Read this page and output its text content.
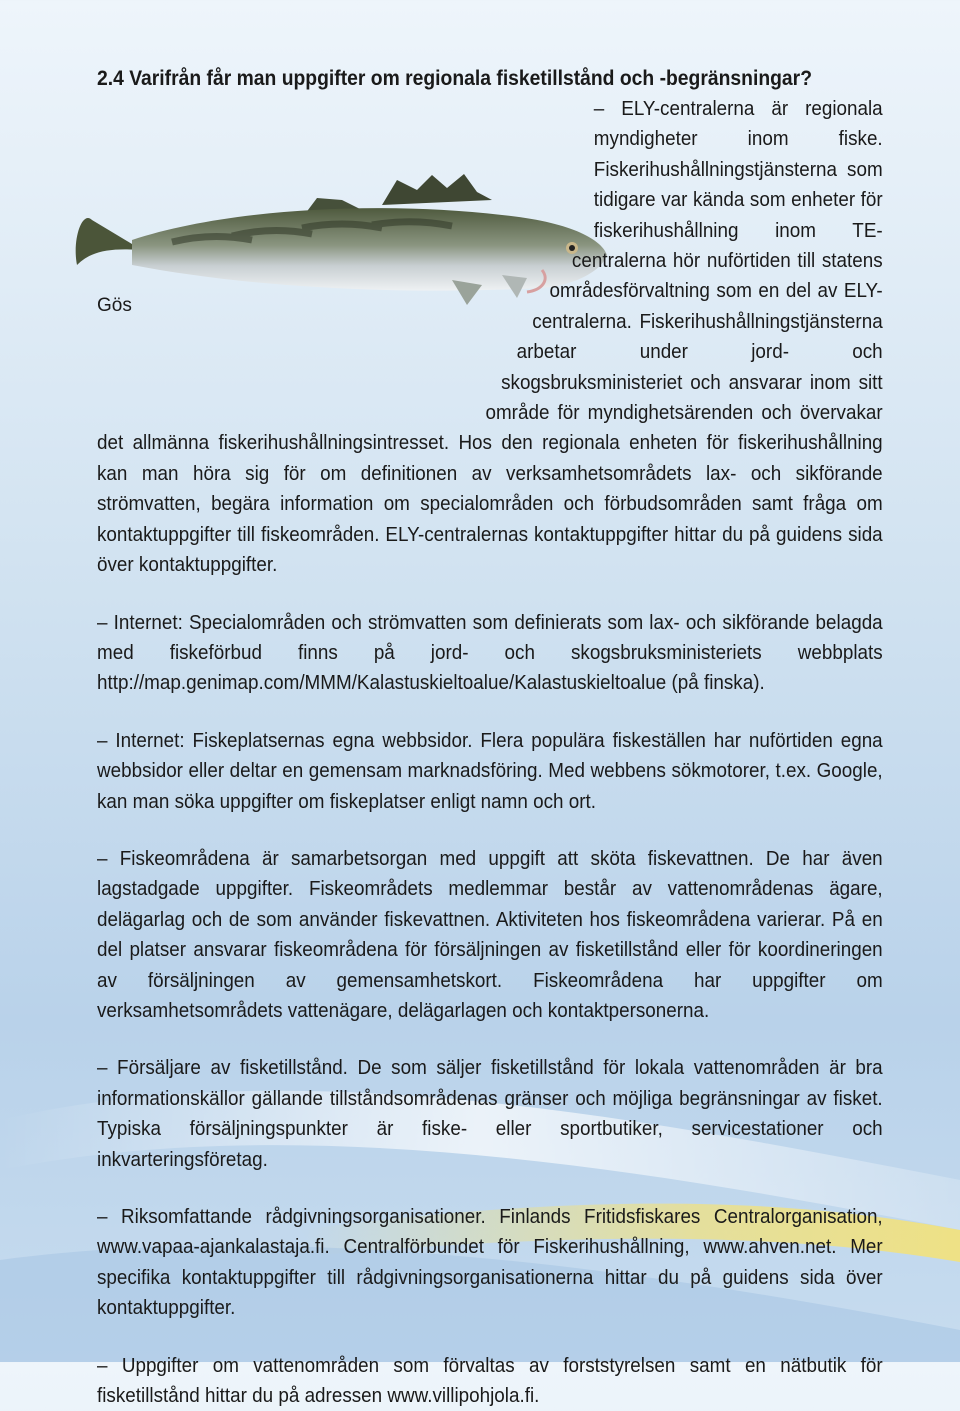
Gös
2.4 Varifrån får man uppgifter om regionala fisketillstånd och -begränsningar?

– ELY-centralerna är regionala myndigheter inom fiske. Fiskerihushållningstjänsterna som tidigare var kända som enheter för fiskerihushållning inom TE-centralerna hör nuförtiden till statens områdesförvaltning som en del av ELY-centralerna. Fiskerihushållningstjänsterna arbetar under jord- och skogsbruksministeriet och ansvarar inom sitt område för myndighetsärenden och övervakar det allmänna fiskerihushållningsintresset. Hos den regionala enheten för fiskerihushållning kan man höra sig för om definitionen av verksamhetsområdets lax- och sikförande strömvatten, begära information om specialområden och förbudsområden samt fråga om kontaktuppgifter till fiskeområden. ELY-centralernas kontaktuppgifter hittar du på guidens sida över kontaktuppgifter.

– Internet: Specialområden och strömvatten som definierats som lax- och sikförande belagda med fiskeförbud finns på jord- och skogsbruksministeriets webbplats http://map.genimap.com/MMM/Kalastuskieltoalue/Kalastuskieltoalue (på finska).

– Internet: Fiskeplatsernas egna webbsidor. Flera populära fiskeställen har nuförtiden egna webbsidor eller deltar en gemensam marknadsföring. Med webbens sökmotorer, t.ex. Google, kan man söka uppgifter om fiskeplatser enligt namn och ort.

– Fiskeområdena är samarbetsorgan med uppgift att sköta fiskevattnen. De har även lagstadgade uppgifter. Fiskeområdets medlemmar består av vattenområdenas ägare, delägarlag och de som använder fiskevattnen. Aktiviteten hos fiskeområdena varierar. På en del platser ansvarar fiskeområdena för försäljningen av fisketillstånd eller för koordineringen av försäljningen av gemensamhetskort. Fiskeområdena har uppgifter om verksamhetsområdets vattenägare, delägarlagen och kontaktpersonerna.

– Försäljare av fisketillstånd. De som säljer fisketillstånd för lokala vattenområden är bra informationskällor gällande tillståndsområdenas gränser och möjliga begränsningar av fisket. Typiska försäljningspunkter är fiske- eller sportbutiker, servicestationer och inkvarteringsföretag.

– Riksomfattande rådgivningsorganisationer. Finlands Fritidsfiskares Centralorganisation, www.vapaa-ajankalastaja.fi. Centralförbundet för Fiskerihushållning, www.ahven.net. Mer specifika kontaktuppgifter till rådgivningsorganisationerna hittar du på guidens sida över kontaktuppgifter.

– Uppgifter om vattenområden som förvaltas av forststyrelsen samt en nätbutik för fisketillstånd hittar du på adressen www.villipohjola.fi.
